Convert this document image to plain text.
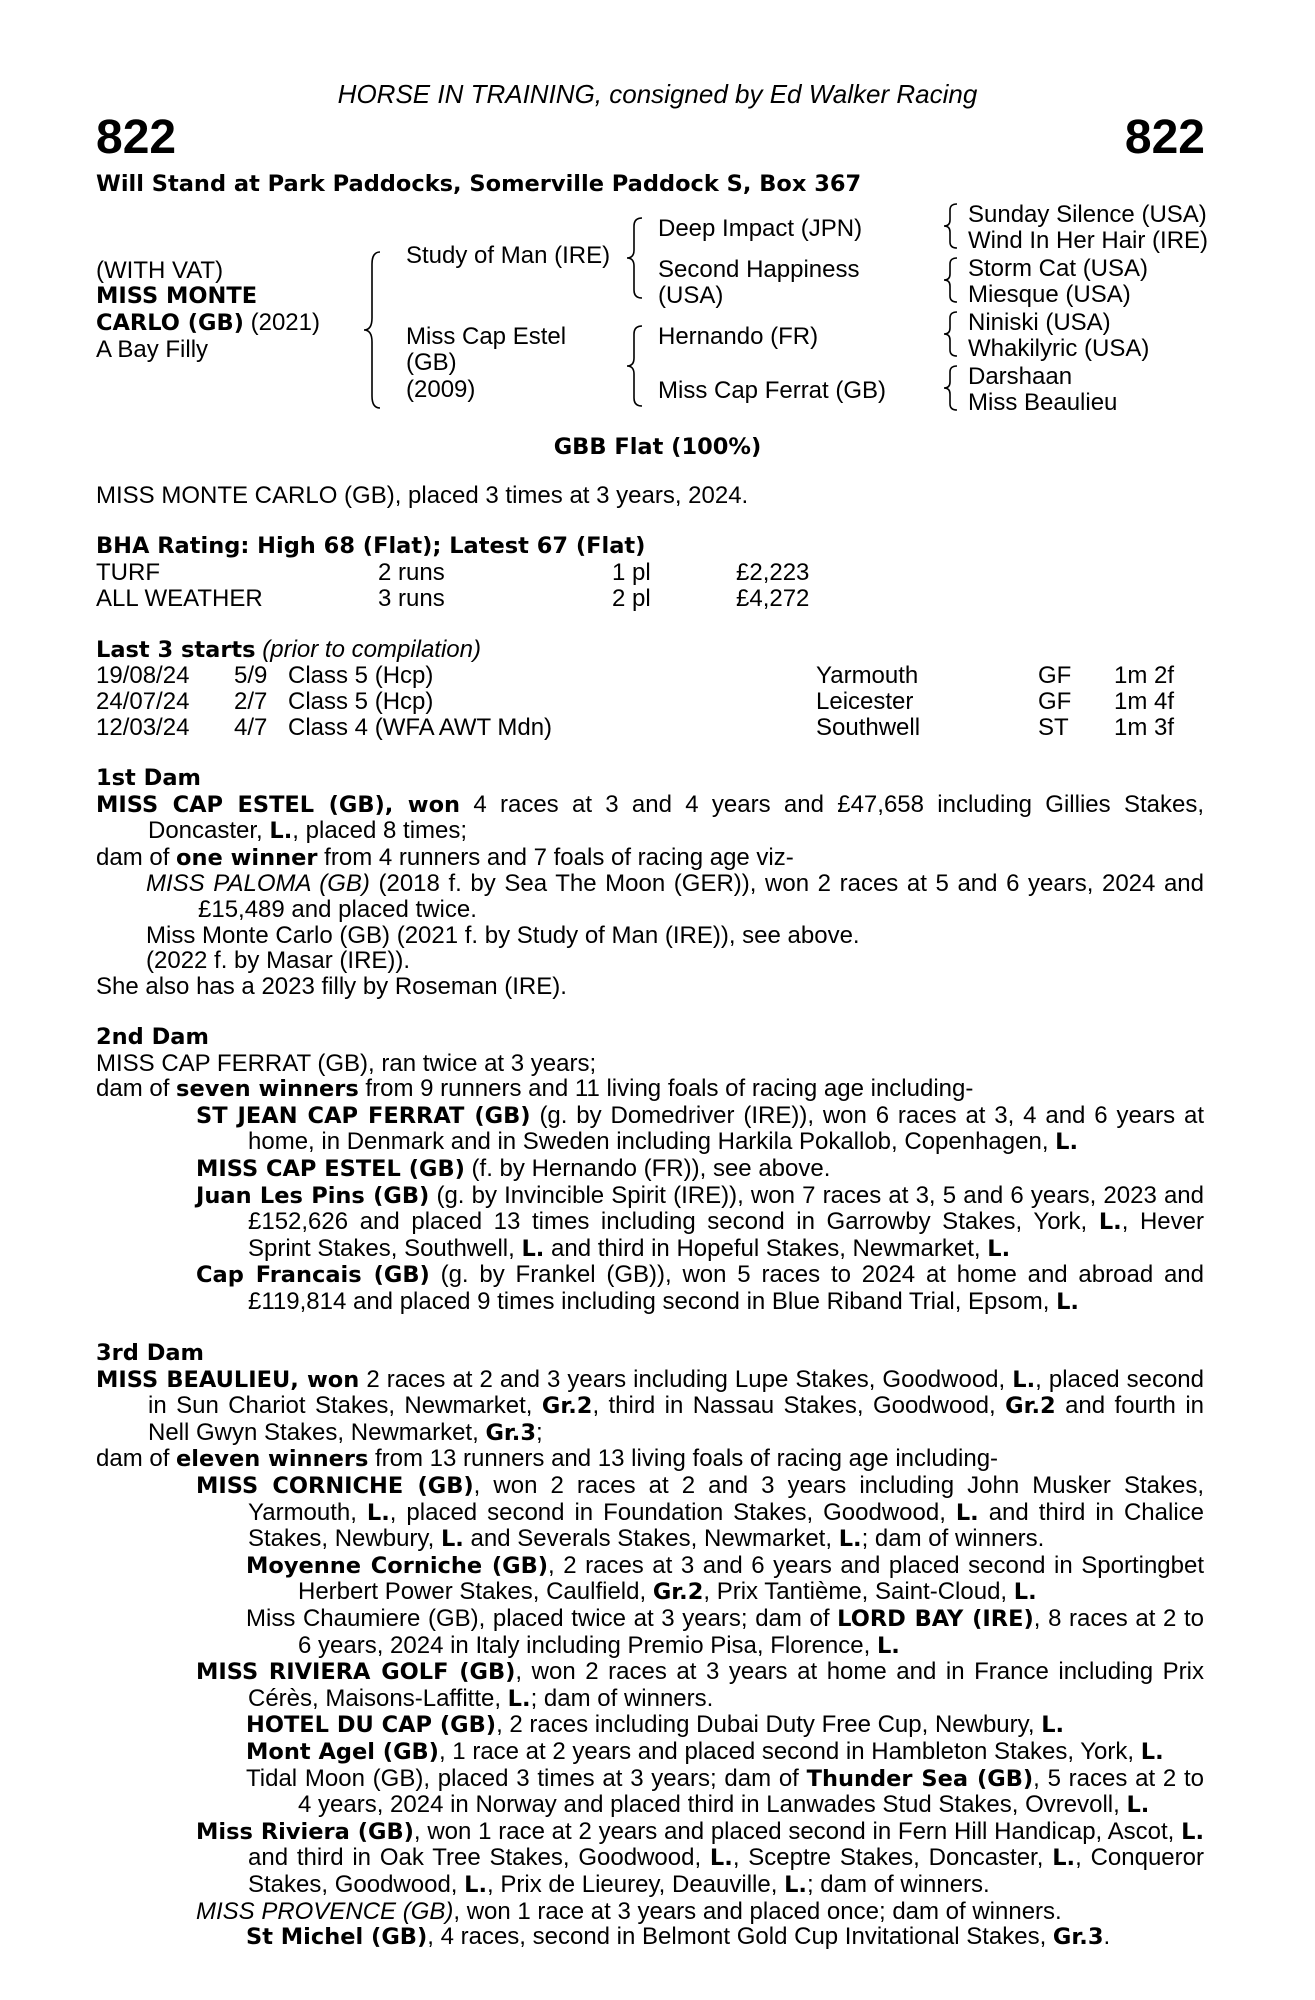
HORSE IN TRAINING, consigned by Ed Walker Racing
822	822
Will Stand at Park Paddocks, Somerville Paddock S, Box 367
(WITH VAT)
MISS MONTE
CARLO (GB) (2021)
A Bay Filly
Study of Man (IRE)
Miss Cap Estel
(GB)
(2009)
Deep Impact (JPN)
Second Happiness
(USA)
Hernando (FR)
Miss Cap Ferrat (GB)
Sunday Silence (USA)
Wind In Her Hair (IRE)
Storm Cat (USA)
Miesque (USA)
Niniski (USA)
Whakilyric (USA)
Darshaan
Miss Beaulieu
GBB Flat (100%)
MISS MONTE CARLO (GB), placed 3 times at 3 years, 2024.
BHA Rating: High 68 (Flat); Latest 67 (Flat)
TURF	2 runs	1 pl	£2,223
ALL WEATHER	3 runs	2 pl	£4,272
Last 3 starts (prior to compilation)
19/08/24 5/9 Class 5 (Hcp)	Yarmouth	GF 1m 2f
24/07/24 2/7 Class 5 (Hcp)	Leicester	GF 1m 4f
12/03/24 4/7 Class 4 (WFA AWT Mdn)	Southwell	ST 1m 3f

1st Dam

MISS CAP ESTEL (GB), won 4 races at 3 and 4 years and £47,658 including Gillies Stakes, Doncaster, L., placed 8 times;

dam of one winner from 4 runners and 7 foals of racing age viz-

MISS PALOMA (GB) (2018 f. by Sea The Moon (GER)), won 2 races at 5 and 6 years, 2024 and £15,489 and placed twice.

Miss Monte Carlo (GB) (2021 f. by Study of Man (IRE)), see above.

(2022 f. by Masar (IRE)).

She also has a 2023 filly by Roseman (IRE).

2nd Dam

MISS CAP FERRAT (GB), ran twice at 3 years;

dam of seven winners from 9 runners and 11 living foals of racing age including-

ST JEAN CAP FERRAT (GB) (g. by Domedriver (IRE)), won 6 races at 3, 4 and 6 years at home, in Denmark and in Sweden including Harkila Pokallob, Copenhagen, L.

MISS CAP ESTEL (GB) (f. by Hernando (FR)), see above.

Juan Les Pins (GB) (g. by Invincible Spirit (IRE)), won 7 races at 3, 5 and 6 years, 2023 and £152,626 and placed 13 times including second in Garrowby Stakes, York, L., Hever Sprint Stakes, Southwell, L. and third in Hopeful Stakes, Newmarket, L.

Cap Francais (GB) (g. by Frankel (GB)), won 5 races to 2024 at home and abroad and £119,814 and placed 9 times including second in Blue Riband Trial, Epsom, L.

3rd Dam

MISS BEAULIEU, won 2 races at 2 and 3 years including Lupe Stakes, Goodwood, L., placed second in Sun Chariot Stakes, Newmarket, Gr.2, third in Nassau Stakes, Goodwood, Gr.2 and fourth in Nell Gwyn Stakes, Newmarket, Gr.3;

dam of eleven winners from 13 runners and 13 living foals of racing age including-

MISS CORNICHE (GB), won 2 races at 2 and 3 years including John Musker Stakes, Yarmouth, L., placed second in Foundation Stakes, Goodwood, L. and third in Chalice Stakes, Newbury, L. and Severals Stakes, Newmarket, L.; dam of winners.

Moyenne Corniche (GB), 2 races at 3 and 6 years and placed second in Sportingbet Herbert Power Stakes, Caulfield, Gr.2, Prix Tantième, Saint-Cloud, L.

Miss Chaumiere (GB), placed twice at 3 years; dam of LORD BAY (IRE), 8 races at 2 to 6 years, 2024 in Italy including Premio Pisa, Florence, L.

MISS RIVIERA GOLF (GB), won 2 races at 3 years at home and in France including Prix Cérès, Maisons-Laffitte, L.; dam of winners.

HOTEL DU CAP (GB), 2 races including Dubai Duty Free Cup, Newbury, L.

Mont Agel (GB), 1 race at 2 years and placed second in Hambleton Stakes, York, L.

Tidal Moon (GB), placed 3 times at 3 years; dam of Thunder Sea (GB), 5 races at 2 to 4 years, 2024 in Norway and placed third in Lanwades Stud Stakes, Ovrevoll, L.

Miss Riviera (GB), won 1 race at 2 years and placed second in Fern Hill Handicap, Ascot, L. and third in Oak Tree Stakes, Goodwood, L., Sceptre Stakes, Doncaster, L., Conqueror Stakes, Goodwood, L., Prix de Lieurey, Deauville, L.; dam of winners.

MISS PROVENCE (GB), won 1 race at 3 years and placed once; dam of winners.

St Michel (GB), 4 races, second in Belmont Gold Cup Invitational Stakes, Gr.3.
